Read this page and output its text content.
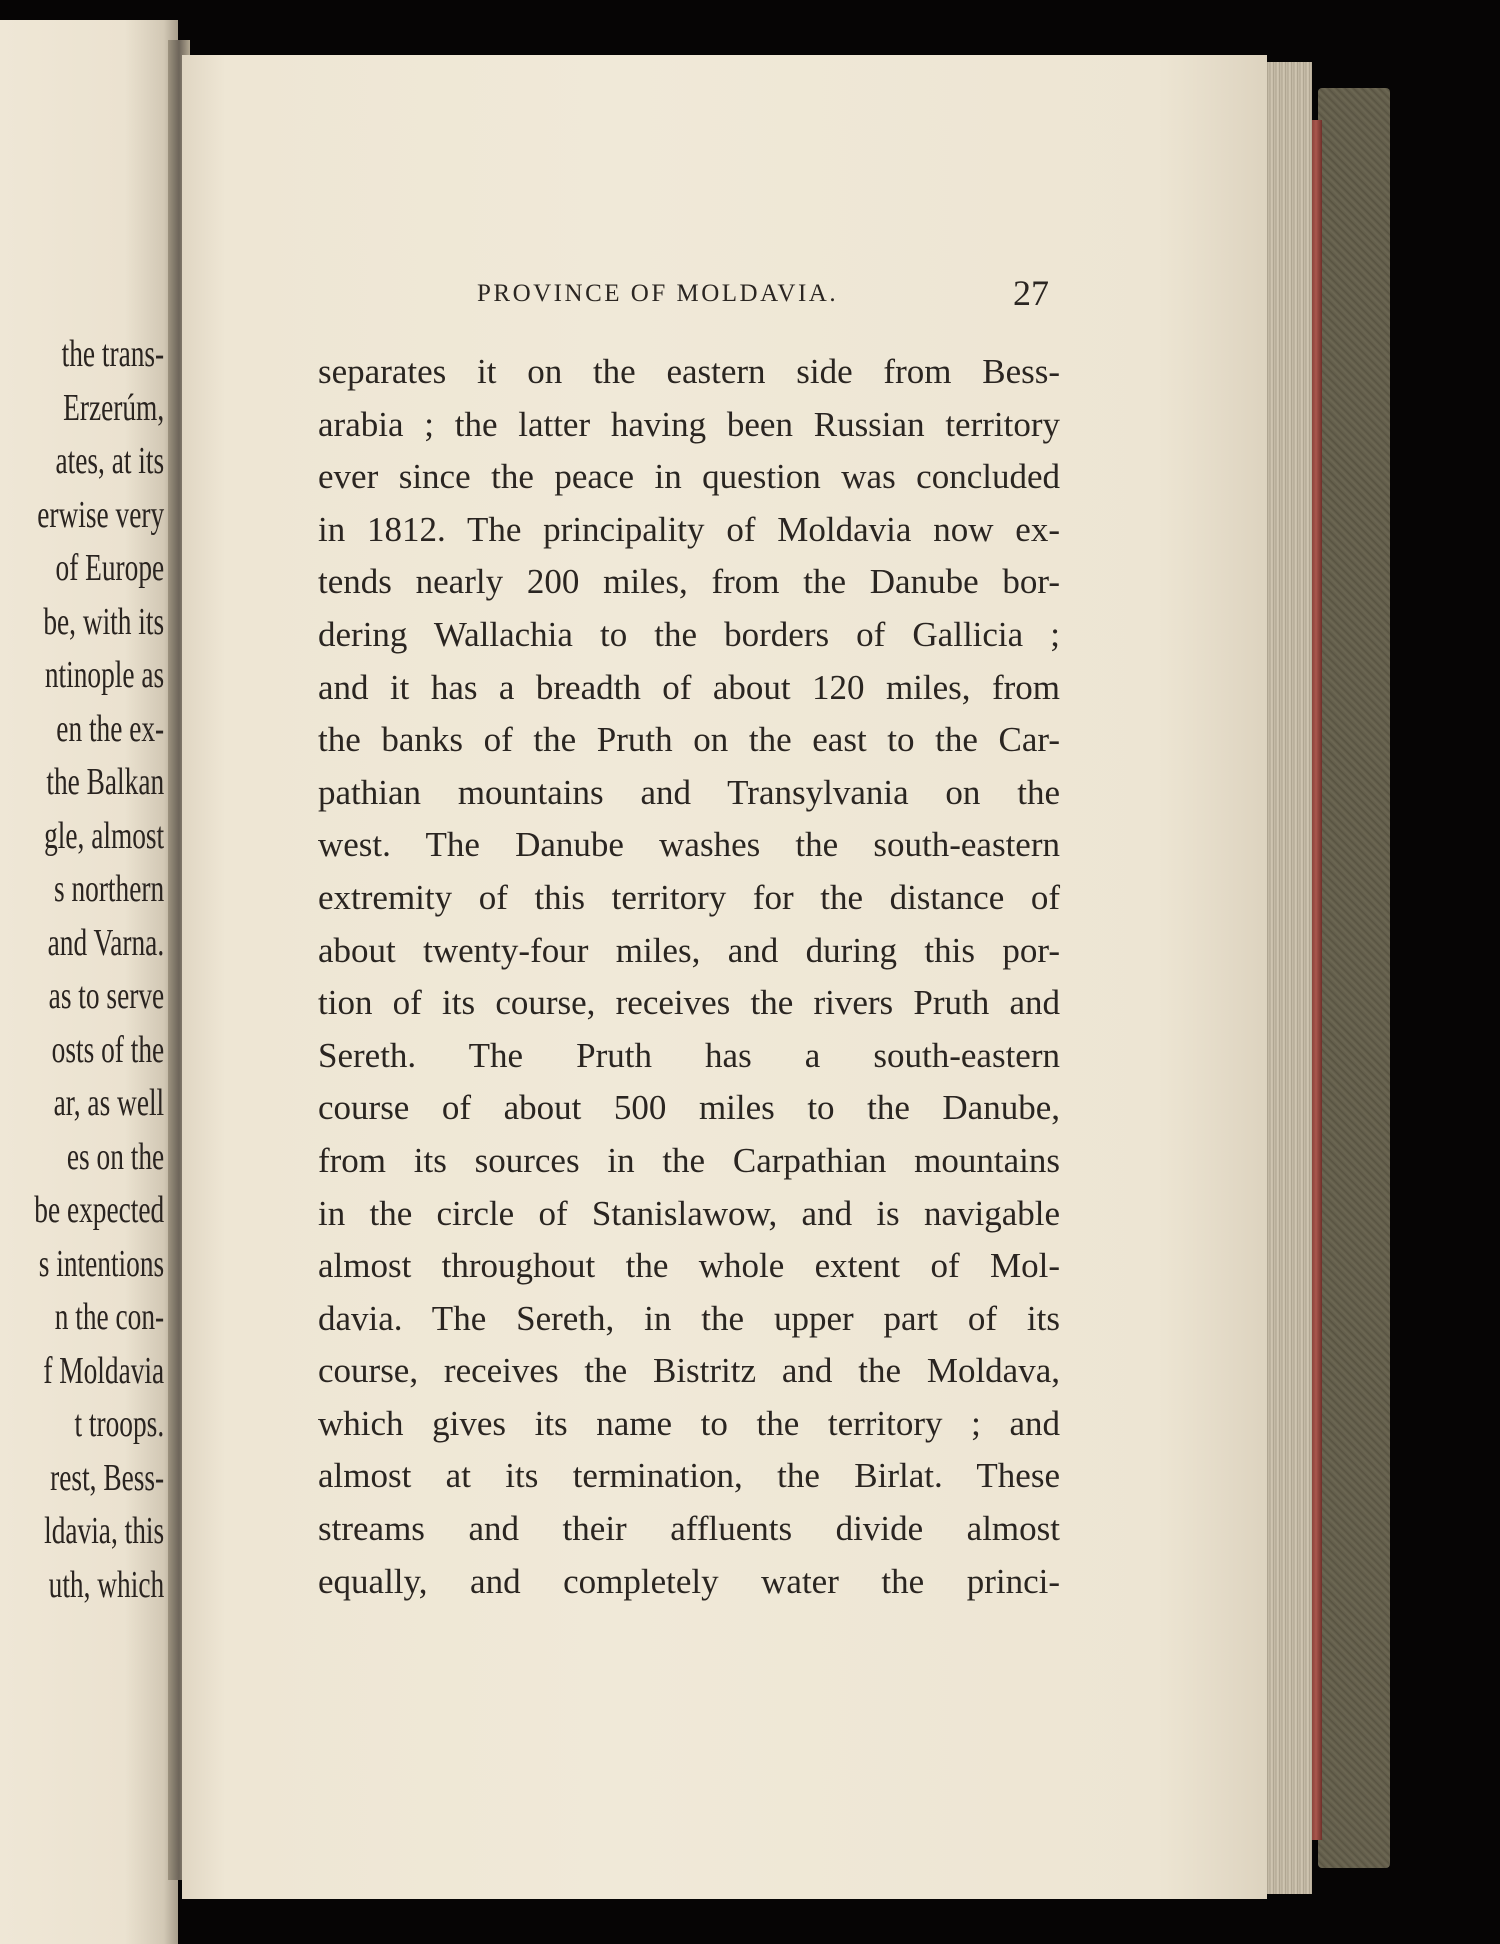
the trans-
Erzerúm,
ates, at its
erwise very
of Europe
be, with its
ntinople as
en the ex-
the Balkan
gle, almost
s northern
and Varna.
as to serve
osts of the
ar, as well
es on the
be expected
s intentions
n the con-
f Moldavia
t troops.
rest, Bess-
ldavia, this
uth, which
PROVINCE OF MOLDAVIA.	27
separates it on the eastern side from Bess-
arabia ; the latter having been Russian territory
ever since the peace in question was concluded
in 1812. The principality of Moldavia now ex-
tends nearly 200 miles, from the Danube bor-
dering Wallachia to the borders of Gallicia ;
and it has a breadth of about 120 miles, from
the banks of the Pruth on the east to the Car-
pathian mountains and Transylvania on the
west. The Danube washes the south-eastern
extremity of this territory for the distance of
about twenty-four miles, and during this por-
tion of its course, receives the rivers Pruth and
Sereth. The Pruth has a south-eastern
course of about 500 miles to the Danube,
from its sources in the Carpathian mountains
in the circle of Stanislawow, and is navigable
almost throughout the whole extent of Mol-
davia. The Sereth, in the upper part of its
course, receives the Bistritz and the Moldava,
which gives its name to the territory ; and
almost at its termination, the Birlat. These
streams and their affluents divide almost
equally, and completely water the princi-
